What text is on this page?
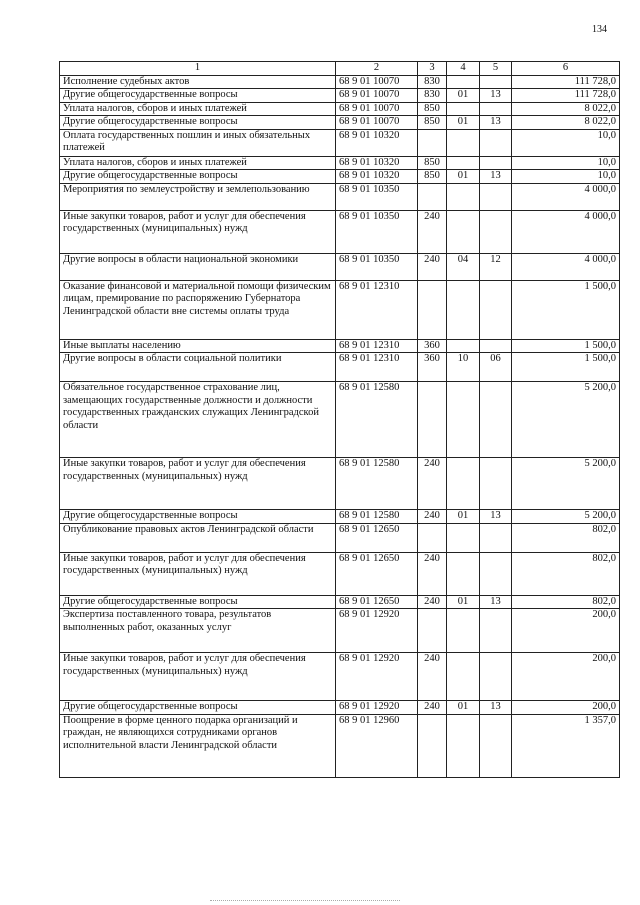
134
1	2	3	4	5	6
Исполнение судебных актов	68 9 01 10070	830			111 728,0
Другие общегосударственные вопросы	68 9 01 10070	830	01	13	111 728,0
Уплата налогов, сборов и иных платежей	68 9 01 10070	850			8 022,0
Другие общегосударственные вопросы	68 9 01 10070	850	01	13	8 022,0
Оплата государственных пошлин и иных обязательных платежей	68 9 01 10320				10,0
Уплата налогов, сборов и иных платежей	68 9 01 10320	850			10,0
Другие общегосударственные вопросы	68 9 01 10320	850	01	13	10,0
Мероприятия по землеустройству и землепользованию	68 9 01 10350				4 000,0
Иные закупки товаров, работ и услуг для обеспечения государственных (муниципальных) нужд	68 9 01 10350	240			4 000,0
Другие вопросы в области национальной экономики	68 9 01 10350	240	04	12	4 000,0
Оказание финансовой и материальной помощи физическим лицам, премирование по распоряжению Губернатора Ленинградской области вне системы оплаты труда	68 9 01 12310				1 500,0
Иные выплаты населению	68 9 01 12310	360			1 500,0
Другие вопросы в области социальной политики	68 9 01 12310	360	10	06	1 500,0
Обязательное государственное страхование лиц, замещающих государственные должности и должности государственных гражданских служащих Ленинградской области	68 9 01 12580				5 200,0
Иные закупки товаров, работ и услуг для обеспечения государственных (муниципальных) нужд	68 9 01 12580	240			5 200,0
Другие общегосударственные вопросы	68 9 01 12580	240	01	13	5 200,0
Опубликование правовых актов Ленинградской области	68 9 01 12650				802,0
Иные закупки товаров, работ и услуг для обеспечения государственных (муниципальных) нужд	68 9 01 12650	240			802,0
Другие общегосударственные вопросы	68 9 01 12650	240	01	13	802,0
Экспертиза поставленного товара, результатов выполненных работ, оказанных услуг	68 9 01 12920				200,0
Иные закупки товаров, работ и услуг для обеспечения государственных (муниципальных) нужд	68 9 01 12920	240			200,0
Другие общегосударственные вопросы	68 9 01 12920	240	01	13	200,0
Поощрение в форме ценного подарка организаций и граждан, не являющихся сотрудниками органов исполнительной власти Ленинградской области	68 9 01 12960				1 357,0
